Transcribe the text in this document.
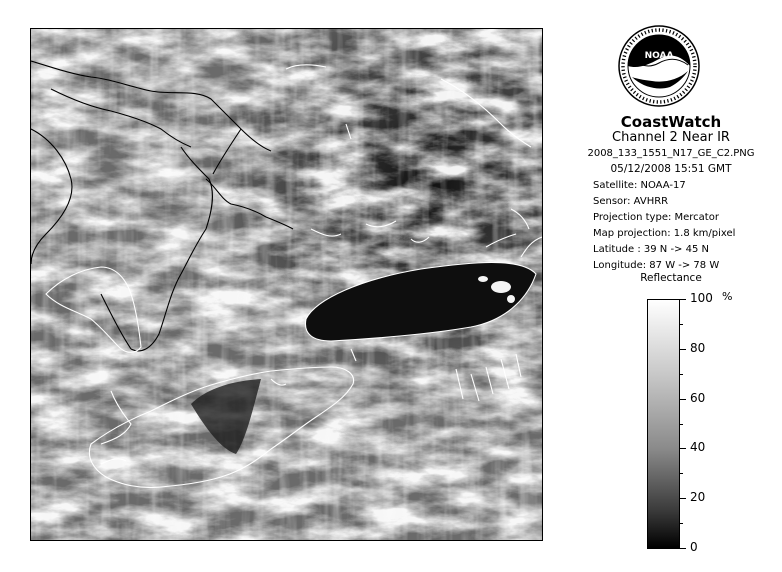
NOAA
CoastWatch
Channel 2 Near IR
2008_133_1551_N17_GE_C2.PNG
05/12/2008 15:51 GMT
Satellite: NOAA-17
Sensor: AVHRR
Projection type: Mercator
Map projection: 1.8 km/pixel
Latitude : 39 N -> 45 N
Longitude: 87 W -> 78 W
Reflectance
%
100
80
60
40
20
0
